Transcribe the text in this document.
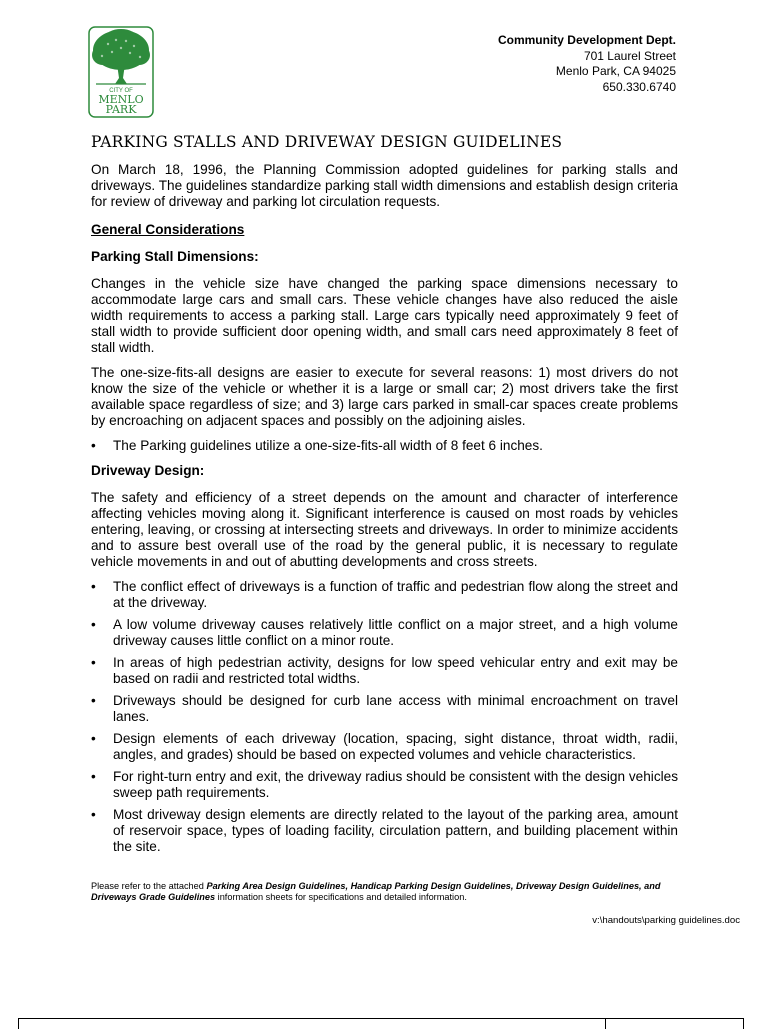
CITY OF
MENLO
PARK
Community Development Dept.
701 Laurel Street
Menlo Park, CA 94025
650.330.6740
PARKING STALLS AND DRIVEWAY DESIGN GUIDELINES

On March 18, 1996, the Planning Commission adopted guidelines for parking stalls and driveways. The guidelines standardize parking stall width dimensions and establish design criteria for review of driveway and parking lot circulation requests.

General Considerations
Parking Stall Dimensions:

Changes in the vehicle size have changed the parking space dimensions necessary to accommodate large cars and small cars. These vehicle changes have also reduced the aisle width requirements to access a parking stall. Large cars typically need approximately 9 feet of stall width to provide sufficient door opening width, and small cars need approximately 8 feet of stall width.

The one-size-fits-all designs are easier to execute for several reasons: 1) most drivers do not know the size of the vehicle or whether it is a large or small car; 2) most drivers take the first available space regardless of size; and 3) large cars parked in small-car spaces create problems by encroaching on adjacent spaces and possibly on the adjoining aisles.

• The Parking guidelines utilize a one-size-fits-all width of 8 feet 6 inches.
Driveway Design:

The safety and efficiency of a street depends on the amount and character of interference affecting vehicles moving along it. Significant interference is caused on most roads by vehicles entering, leaving, or crossing at intersecting streets and driveways. In order to minimize accidents and to assure best overall use of the road by the general public, it is necessary to regulate vehicle movements in and out of abutting developments and cross streets.

• The conflict effect of driveways is a function of traffic and pedestrian flow along the street and at the driveway.
• A low volume driveway causes relatively little conflict on a major street, and a high volume driveway causes little conflict on a minor route.
• In areas of high pedestrian activity, designs for low speed vehicular entry and exit may be based on radii and restricted total widths.
• Driveways should be designed for curb lane access with minimal encroachment on travel lanes.
• Design elements of each driveway (location, spacing, sight distance, throat width, radii, angles, and grades) should be based on expected volumes and vehicle characteristics.
• For right-turn entry and exit, the driveway radius should be consistent with the design vehicles sweep path requirements.
• Most driveway design elements are directly related to the layout of the parking area, amount of reservoir space, types of loading facility, circulation pattern, and building placement within the site.
Please refer to the attached Parking Area Design Guidelines, Handicap Parking Design Guidelines, Driveway Design Guidelines, and Driveways Grade Guidelines information sheets for specifications and detailed information.
v:\handouts\parking guidelines.doc
